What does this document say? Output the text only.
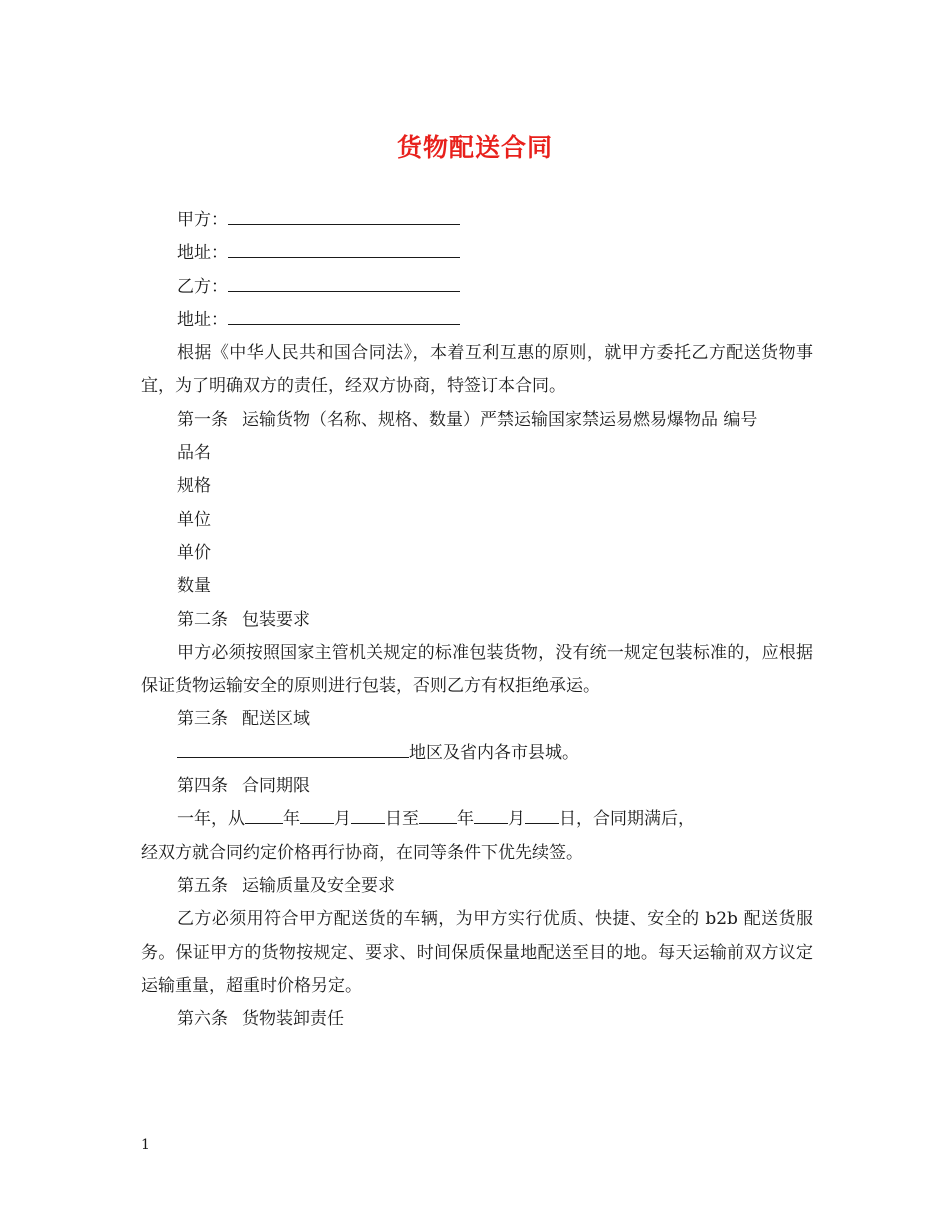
货物配送合同
甲方：
地址：
乙方：
地址：
根据《中华人民共和国合同法》，本着互利互惠的原则，就甲方委托乙方配送货物事宜，为了明确双方的责任，经双方协商，特签订本合同。
第一条 运输货物（名称、规格、数量）严禁运输国家禁运易燃易爆物品 编号
品名
规格
单位
单价
数量
第二条 包装要求
甲方必须按照国家主管机关规定的标准包装货物，没有统一规定包装标准的，应根据保证货物运输安全的原则进行包装，否则乙方有权拒绝承运。
第三条 配送区域
地区及省内各市县城。
第四条 合同期限
一年，从 年 月 日至 年 月 日，合同期满后，
经双方就合同约定价格再行协商，在同等条件下优先续签。
第五条 运输质量及安全要求
乙方必须用符合甲方配送货的车辆，为甲方实行优质、快捷、安全的 b2b 配送货服务。保证甲方的货物按规定、要求、时间保质保量地配送至目的地。每天运输前双方议定运输重量，超重时价格另定。
第六条 货物装卸责任
1
